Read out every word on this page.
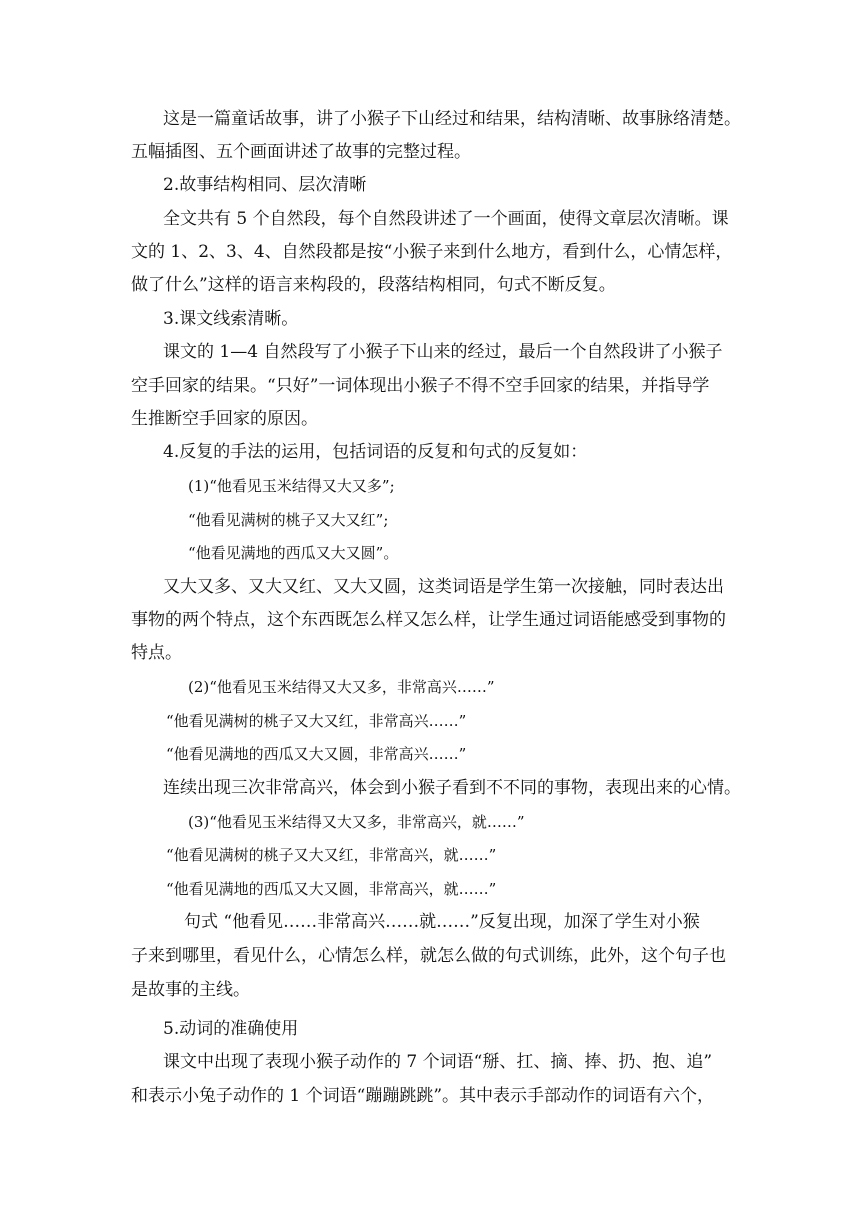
这是一篇童话故事，讲了小猴子下山经过和结果，结构清晰、故事脉络清楚。

五幅插图、五个画面讲述了故事的完整过程。

2.故事结构相同、层次清晰

全文共有 5 个自然段，每个自然段讲述了一个画面，使得文章层次清晰。课

文的 1、2、3、4、自然段都是按“小猴子来到什么地方，看到什么，心情怎样，

做了什么”这样的语言来构段的，段落结构相同，句式不断反复。

3.课文线索清晰。

课文的 1—4 自然段写了小猴子下山来的经过，最后一个自然段讲了小猴子

空手回家的结果。“只好”一词体现出小猴子不得不空手回家的结果，并指导学

生推断空手回家的原因。

4.反复的手法的运用，包括词语的反复和句式的反复如：

(1)“他看见玉米结得又大又多”;

“他看见满树的桃子又大又红”;

“他看见满地的西瓜又大又圆”。

又大又多、又大又红、又大又圆，这类词语是学生第一次接触，同时表达出

事物的两个特点，这个东西既怎么样又怎么样，让学生通过词语能感受到事物的

特点。

(2)“他看见玉米结得又大又多，非常高兴……”

“他看见满树的桃子又大又红，非常高兴……”

“他看见满地的西瓜又大又圆，非常高兴……”

连续出现三次非常高兴，体会到小猴子看到不不同的事物，表现出来的心情。

(3)“他看见玉米结得又大又多，非常高兴，就……”

“他看见满树的桃子又大又红，非常高兴，就……”

“他看见满地的西瓜又大又圆，非常高兴，就……”

句式 “他看见……非常高兴……就……”反复出现，加深了学生对小猴

子来到哪里，看见什么，心情怎么样，就怎么做的句式训练，此外，这个句子也

是故事的主线。

5.动词的准确使用

课文中出现了表现小猴子动作的 7 个词语“掰、扛、摘、捧、扔、抱、追”

和表示小兔子动作的 1 个词语“蹦蹦跳跳”。其中表示手部动作的词语有六个，
